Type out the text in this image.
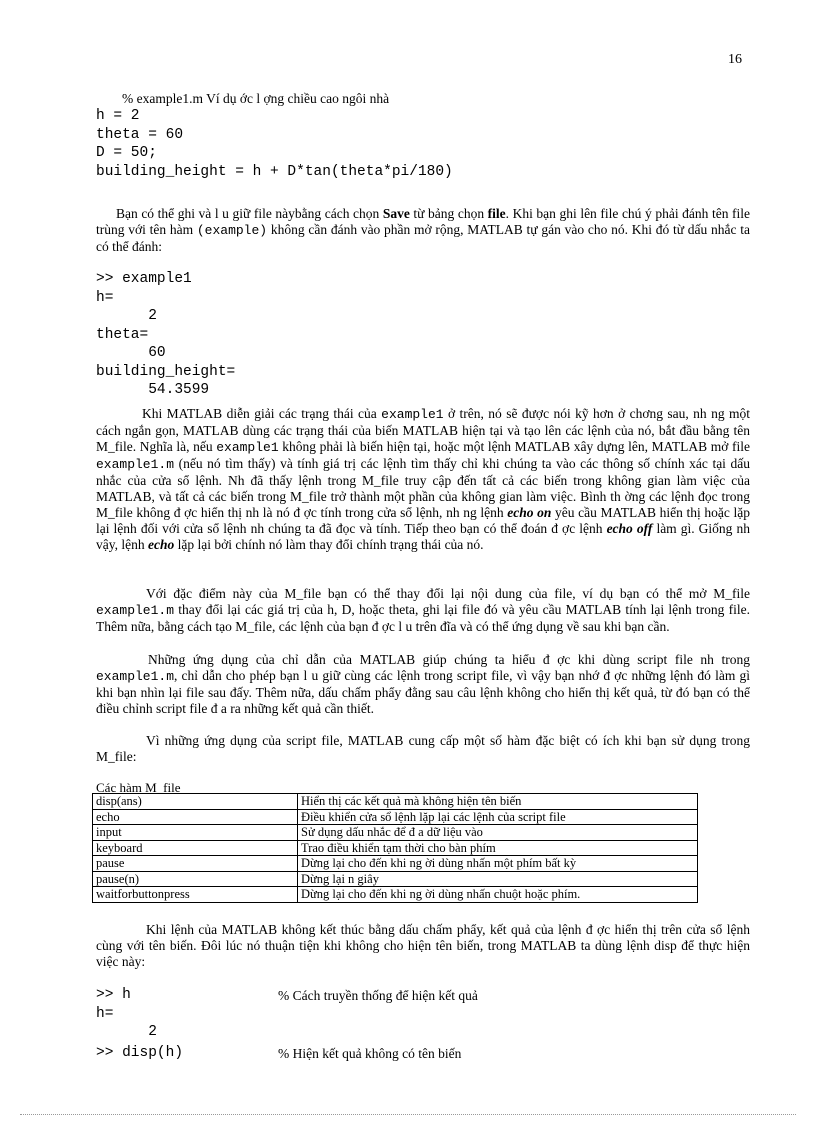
16
% example1.m Ví dụ ớc l ợng chiều cao ngôi nhà
h = 2
theta = 60
D = 50;
building_height = h + D*tan(theta*pi/180)
Bạn có thể ghi và l u giữ file nàybằng cách chọn Save từ bảng chọn file. Khi bạn ghi lên file chú ý phải đánh tên file trùng với tên hàm (example) không cần đánh vào phần mở rộng, MATLAB tự gán vào cho nó. Khi đó từ dấu nhắc ta có thể đánh:
>> example1
h=
2
theta=
60
building_height=
54.3599
Khi MATLAB diễn giải các trạng thái của example1 ở trên, nó sẽ được nói kỹ hơn ở chơng sau, nh ng một cách ngắn gọn, MATLAB dùng các trạng thái của biến MATLAB hiện tại và tạo lên các lệnh của nó, bắt đầu bằng tên M_file. Nghĩa là, nếu example1 không phải là biến hiện tại, hoặc một lệnh MATLAB xây dựng lên, MATLAB mở file example1.m (nếu nó tìm thấy) và tính giá trị các lệnh tìm thấy chỉ khi chúng ta vào các thông số chính xác tại dấu nhắc của cửa sổ lệnh. Nh đã thấy lệnh trong M_file truy cập đến tất cả các biến trong không gian làm việc của MATLAB, và tất cả các biến trong M_file trở thành một phần của không gian làm việc. Bình th ờng các lệnh đọc trong M_file không đ ợc hiển thị nh là nó đ ợc tính trong cửa sổ lệnh, nh ng lệnh echo on yêu cầu MATLAB hiển thị hoặc lặp lại lệnh đối với cửa sổ lệnh nh chúng ta đã đọc và tính. Tiếp theo bạn có thể đoán đ ợc lệnh echo off làm gì. Giống nh vậy, lệnh echo lặp lại bởi chính nó làm thay đổi chính trạng thái của nó.
Với đặc điểm này của M_file bạn có thể thay đổi lại nội dung của file, ví dụ bạn có thể mở M_file example1.m thay đổi lại các giá trị của h, D, hoặc theta, ghi lại file đó và yêu cầu MATLAB tính lại lệnh trong file. Thêm nữa, bằng cách tạo M_file, các lệnh của bạn đ ợc l u trên đĩa và có thể ứng dụng về sau khi bạn cần.
Những ứng dụng của chỉ dẫn của MATLAB giúp chúng ta hiểu đ ợc khi dùng script file nh trong example1.m, chỉ dẫn cho phép bạn l u giữ cùng các lệnh trong script file, vì vậy bạn nhớ đ ợc những lệnh đó làm gì khi bạn nhìn lại file sau đấy. Thêm nữa, dấu chấm phẩy đằng sau câu lệnh không cho hiển thị kết quả, từ đó bạn có thể điều chỉnh script file đ a ra những kết quả cần thiết.
Vì những ứng dụng của script file, MATLAB cung cấp một số hàm đặc biệt có ích khi bạn sử dụng trong M_file:
Các hàm M_file
disp(ans)	Hiển thị các kết quả mà không hiện tên biến
echo	Điều khiển cửa sổ lệnh lặp lại các lệnh của script file
input	Sử dụng dấu nhắc để đ a dữ liệu vào
keyboard	Trao điều khiển tạm thời cho bàn phím
pause	Dừng lại cho đến khi ng ời dùng nhấn một phím bất kỳ
pause(n)	Dừng lại n giây
waitforbuttonpress	Dừng lại cho đến khi ng ời dùng nhấn chuột hoặc phím.
Khi lệnh của MATLAB không kết thúc bằng dấu chấm phẩy, kết quả của lệnh đ ợc hiển thị trên cửa sổ lệnh cùng với tên biến. Đôi lúc nó thuận tiện khi không cho hiện tên biến, trong MATLAB ta dùng lệnh disp để thực hiện việc này:
>> h	% Cách truyền thống để hiện kết quả
h=
2
>> disp(h)	% Hiện kết quả không có tên biến
